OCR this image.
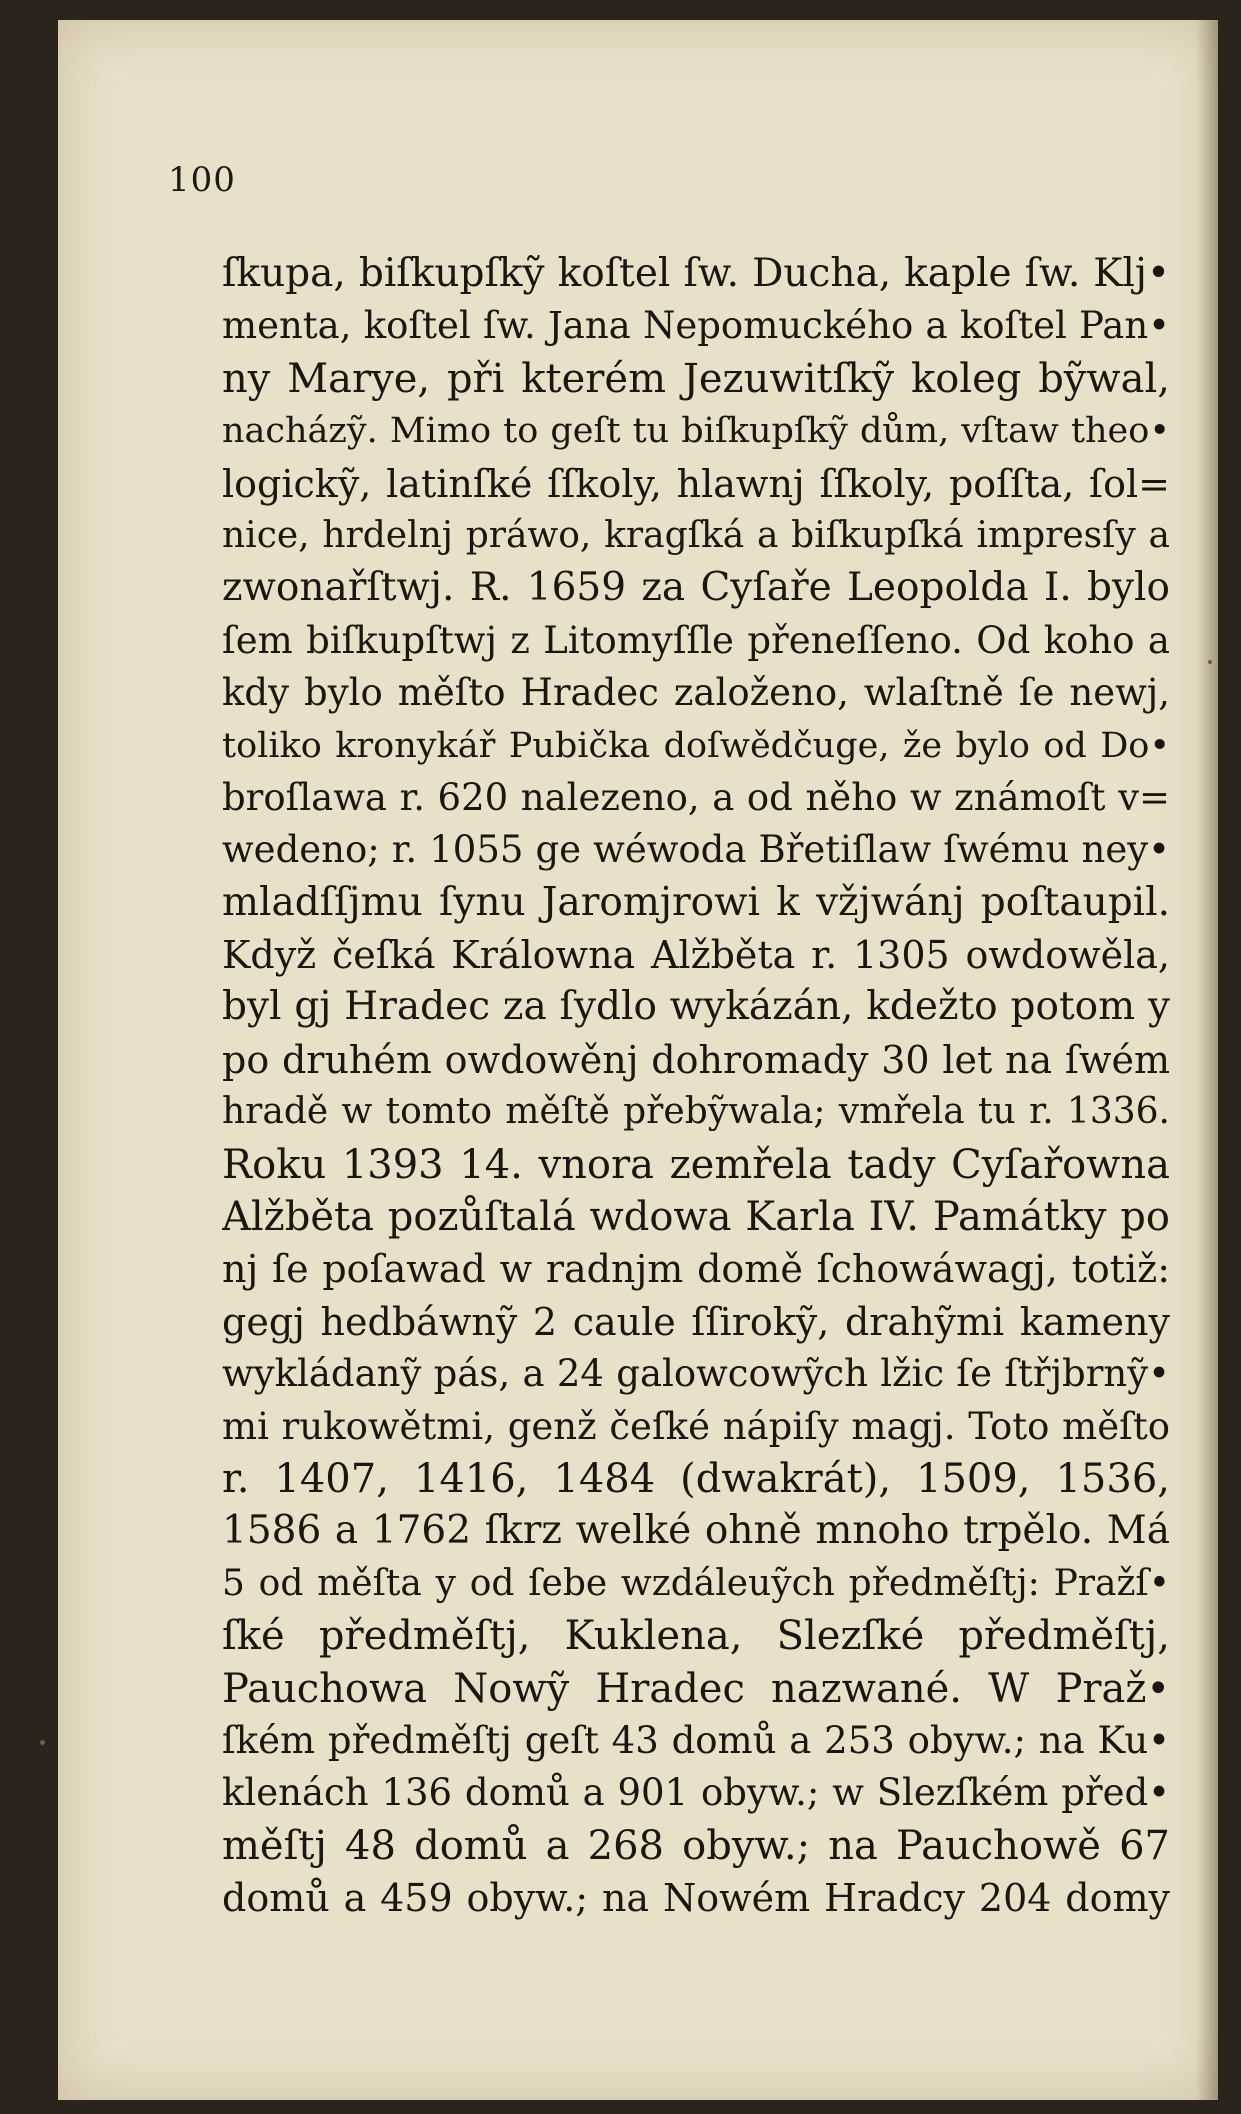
100
ſkupa, biſkupſkỹ koſtel ſw. Ducha, kaple ſw. Klj•
menta, koſtel ſw. Jana Nepomuckého a koſtel Pan•
ny Marye, při kterém Jezuwitſkỹ koleg bỹwal,
nacházỹ. Mimo to geſt tu biſkupſkỹ dům, vſtaw theo•
logickỹ, latinſké ſſkoly, hlawnj ſſkoly, poſſta, ſol=
nice, hrdelnj práwo, kragſká a biſkupſká impresſy a
zwonařſtwj. R. 1659 za Cyſaře Leopolda I. bylo
ſem biſkupſtwj z Litomyſſle přeneſſeno. Od koho a
kdy bylo měſto Hradec založeno, wlaſtně ſe newj,
toliko kronykář Pubička doſwědčuge, že bylo od Do•
broſlawa r. 620 nalezeno, a od něho w známoſt v=
wedeno; r. 1055 ge wéwoda Břetiſlaw ſwému ney•
mladſſjmu ſynu Jaromjrowi k vžjwánj poſtaupil.
Když čeſká Králowna Alžběta r. 1305 owdowěla,
byl gj Hradec za ſydlo wykázán, kdežto potom y
po druhém owdowěnj dohromady 30 let na ſwém
hradě w tomto měſtě přebỹwala; vmřela tu r. 1336.
Roku 1393 14. vnora zemřela tady Cyſařowna
Alžběta pozůſtalá wdowa Karla IV. Památky po
nj ſe poſawad w radnjm domě ſchowáwagj, totiž:
gegj hedbáwnỹ 2 caule ſſirokỹ, drahỹmi kameny
wykládanỹ pás, a 24 galowcowỹch lžic ſe ſtřjbrnỹ•
mi rukowětmi, genž čeſké nápiſy magj. Toto měſto
r. 1407, 1416, 1484 (dwakrát), 1509, 1536,
1586 a 1762 ſkrz welké ohně mnoho trpělo. Má
5 od měſta y od ſebe wzdáleuỹch předměſtj: Pražſ•
ſké předměſtj, Kuklena, Slezſké předměſtj,
Pauchowa Nowỹ Hradec nazwané. W Praž•
ſkém předměſtj geſt 43 domů a 253 obyw.; na Ku•
klenách 136 domů a 901 obyw.; w Slezſkém před•
měſtj 48 domů a 268 obyw.; na Pauchowě 67
domů a 459 obyw.; na Nowém Hradcy 204 domy
